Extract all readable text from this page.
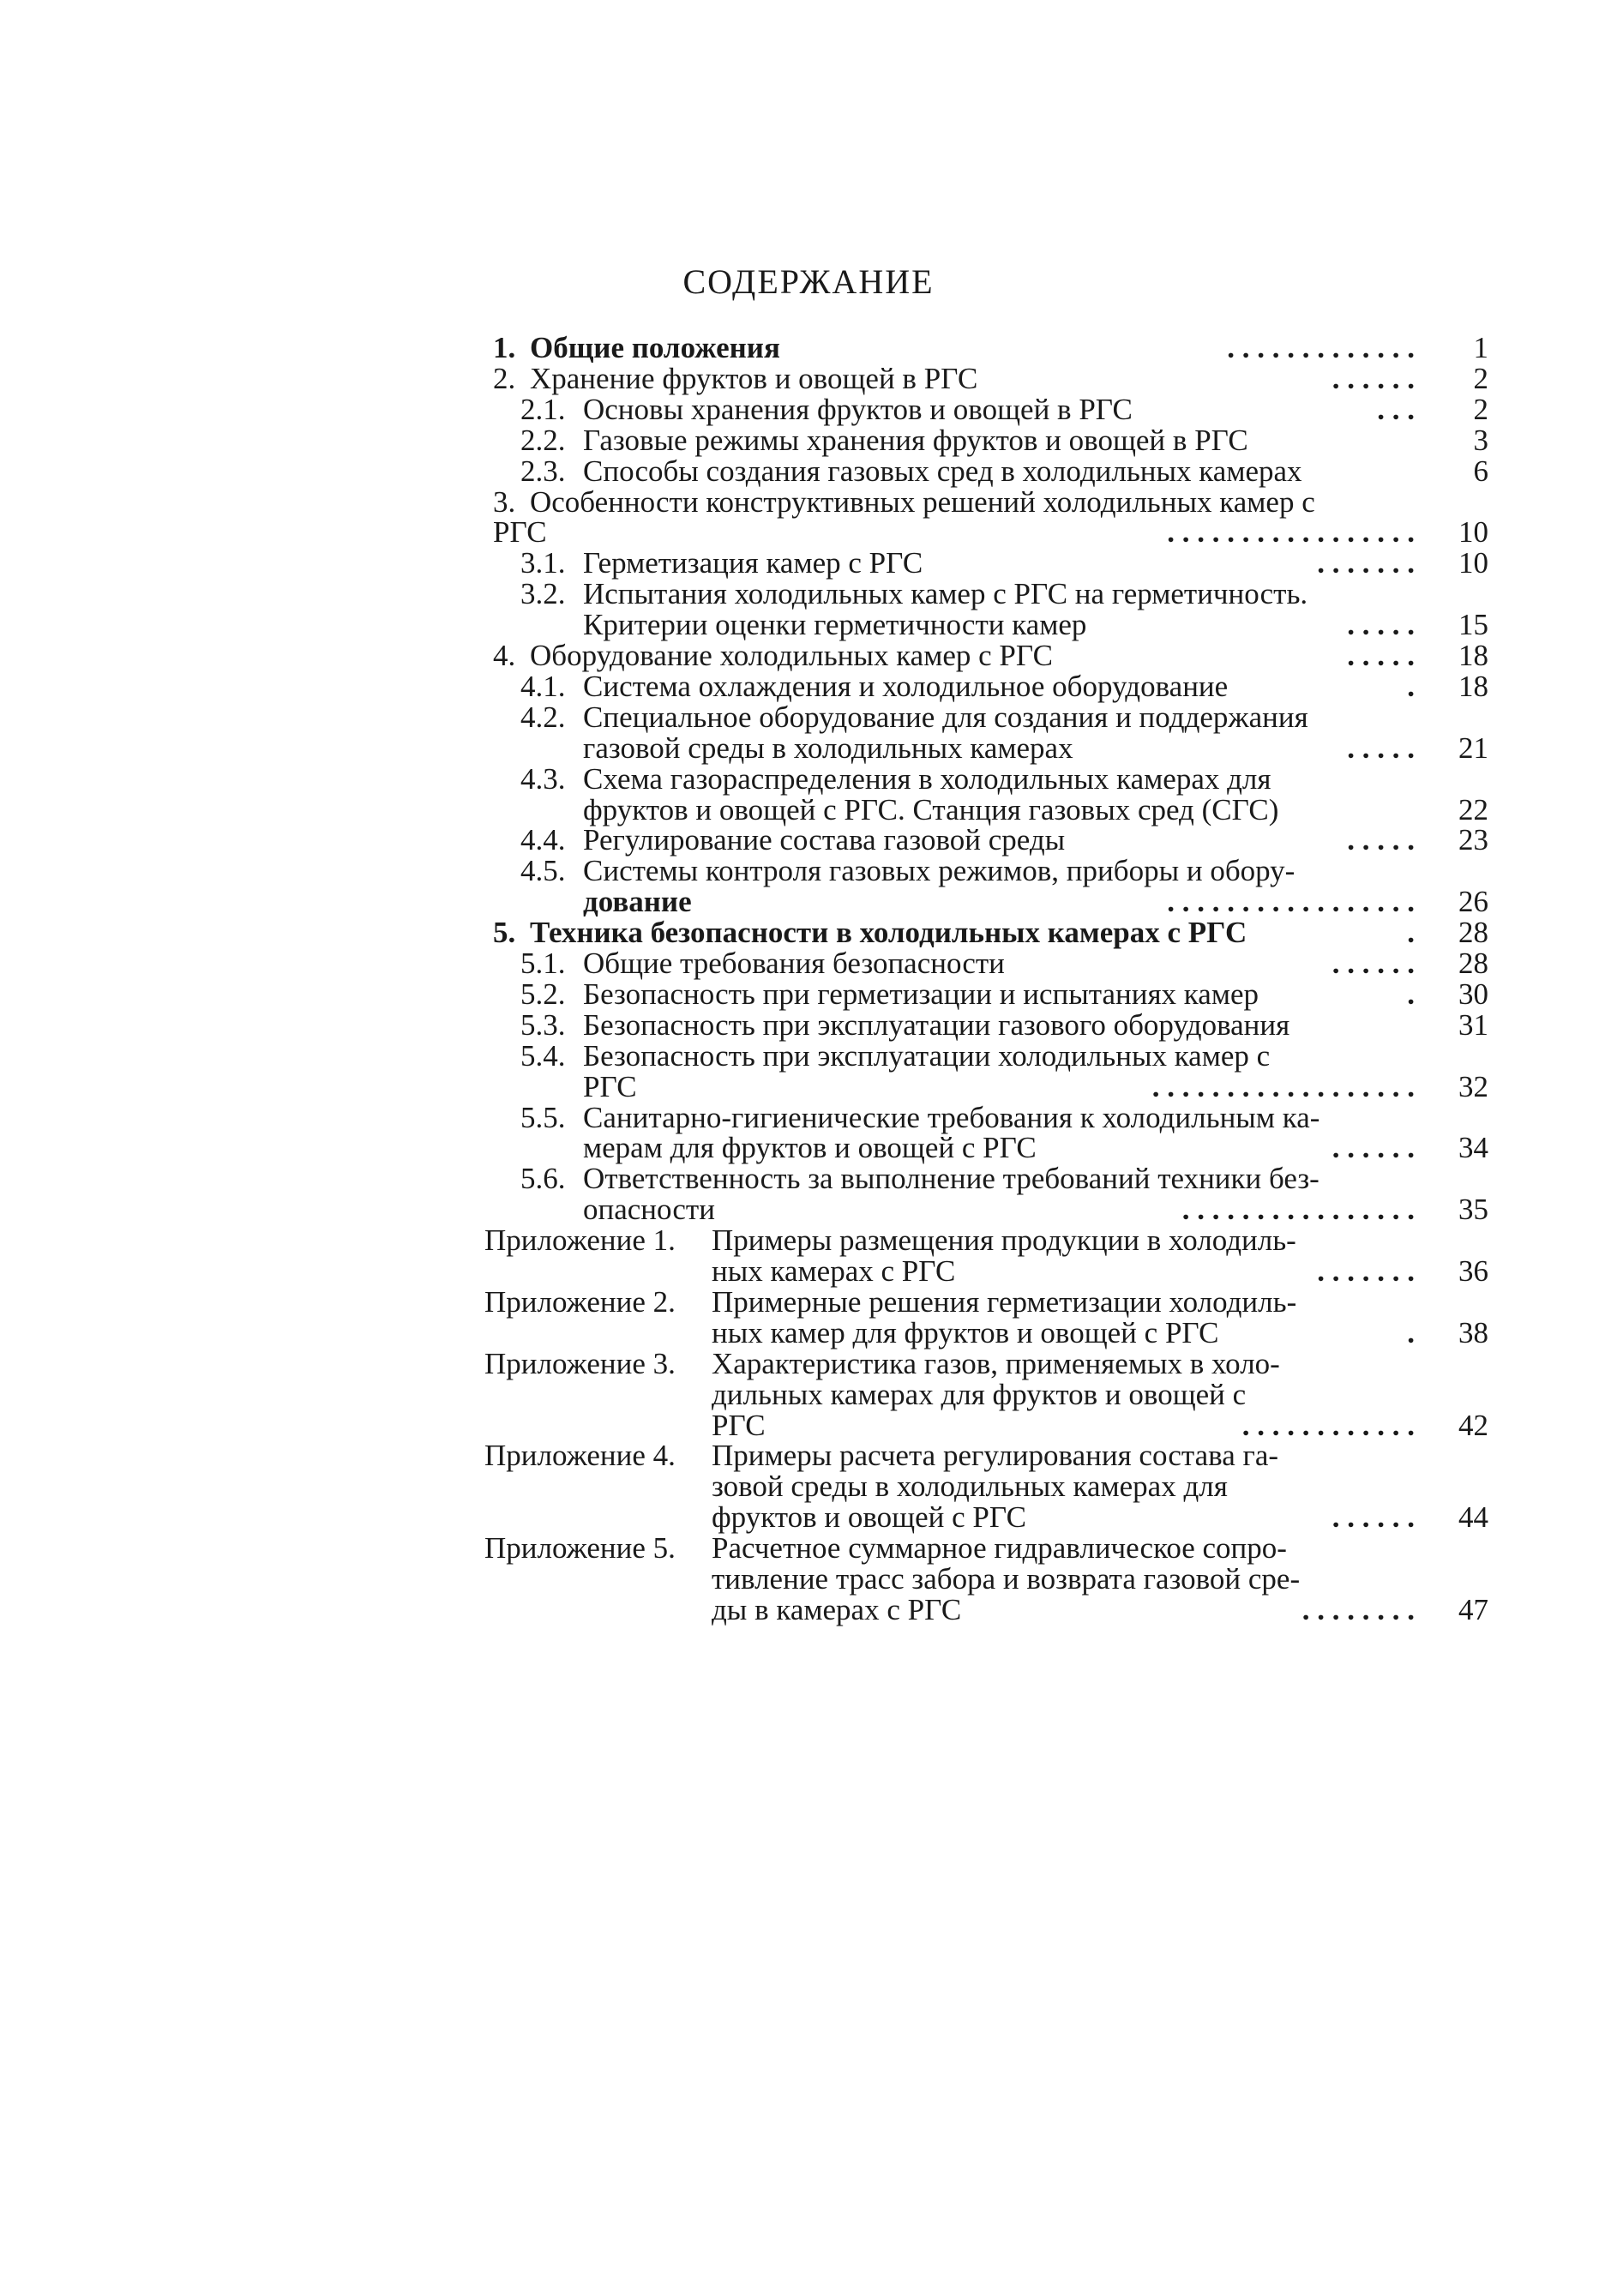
СОДЕРЖАНИЕ
1. Общие положения	. . . . . . . . . . . . .	1
2. Хранение фруктов и овощей в РГС	. . . . . .	2
2.1. Основы хранения фруктов и овощей в РГС	. . .	2
2.2. Газовые режимы хранения фруктов и овощей в РГС	3
2.3. Способы создания газовых сред в холодильных камерах	6
3. Особенности конструктивных решений холодильных камер с
РГС	. . . . . . . . . . . . . . . . .	10
3.1. Герметизация камер с РГС	. . . . . . .	10
3.2. Испытания холодильных камер с РГС на герметичность.
Критерии оценки герметичности камер	. . . . .	15
4. Оборудование холодильных камер с РГС	. . . . .	18
4.1. Система охлаждения и холодильное оборудование	.	18
4.2. Специальное оборудование для создания и поддержания
газовой среды в холодильных камерах	. . . . .	21
4.3. Схема газораспределения в холодильных камерах для
фруктов и овощей с РГС. Станция газовых сред (СГС)	22
4.4. Регулирование состава газовой среды	. . . . .	23
4.5. Системы контроля газовых режимов, приборы и обору-
дование	. . . . . . . . . . . . . . . . .	26
5. Техника безопасности в холодильных камерах с РГС	.	28
5.1. Общие требования безопасности	. . . . . .	28
5.2. Безопасность при герметизации и испытаниях камер	.	30
5.3. Безопасность при эксплуатации газового оборудования	31
5.4. Безопасность при эксплуатации холодильных камер с
РГС	. . . . . . . . . . . . . . . . . .	32
5.5. Санитарно-гигиенические требования к холодильным ка-
мерам для фруктов и овощей с РГС	. . . . . .	34
5.6. Ответственность за выполнение требований техники без-
опасности	. . . . . . . . . . . . . . . .	35
Приложение 1. Примеры размещения продукции в холодиль-
ных камерах с РГС	. . . . . . .	36
Приложение 2. Примерные решения герметизации холодиль-
ных камер для фруктов и овощей с РГС	.	38
Приложение 3. Характеристика газов, применяемых в холо-
дильных камерах для фруктов и овощей с
РГС	. . . . . . . . . . . .	42
Приложение 4. Примеры расчета регулирования состава га-
зовой среды в холодильных камерах для
фруктов и овощей с РГС	. . . . . .	44
Приложение 5. Расчетное суммарное гидравлическое сопро-
тивление трасс забора и возврата газовой сре-
ды в камерах с РГС	. . . . . . . .	47
